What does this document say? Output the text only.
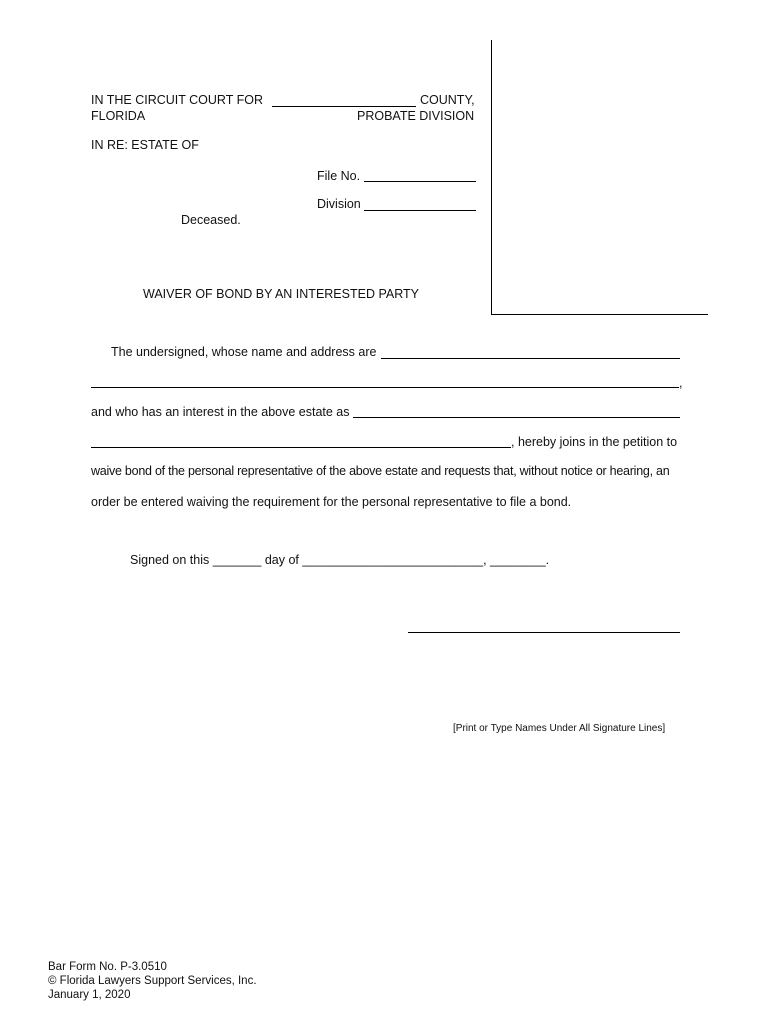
IN THE CIRCUIT COURT FOR	COUNTY,
FLORIDA	PROBATE DIVISION
IN RE: ESTATE OF
File No.
Division
Deceased.
WAIVER OF BOND BY AN INTERESTED PARTY
The undersigned, whose name and address are
,
and who has an interest in the above estate as
, hereby joins in the petition to
waive bond of the personal representative of the above estate and requests that, without notice or hearing, an
order be entered waiving the requirement for the personal representative to file a bond.
Signed on this _______ day of __________________________, ________.
[Print or Type Names Under All Signature Lines]
Bar Form No. P-3.0510
© Florida Lawyers Support Services, Inc.
January 1, 2020
